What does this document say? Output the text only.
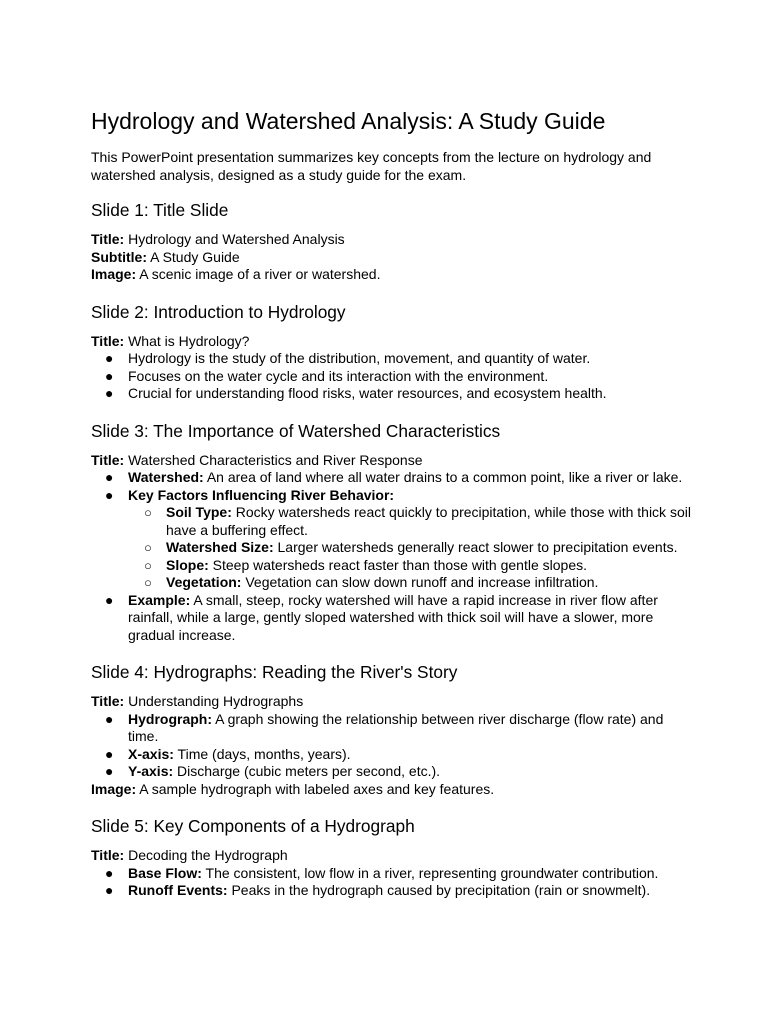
Hydrology and Watershed Analysis: A Study Guide

This PowerPoint presentation summarizes key concepts from the lecture on hydrology and watershed analysis, designed as a study guide for the exam.

Slide 1: Title Slide
Title: Hydrology and Watershed Analysis
Subtitle: A Study Guide
Image: A scenic image of a river or watershed.
Slide 2: Introduction to Hydrology
Title: What is Hydrology?
● Hydrology is the study of the distribution, movement, and quantity of water.
● Focuses on the water cycle and its interaction with the environment.
● Crucial for understanding flood risks, water resources, and ecosystem health.
Slide 3: The Importance of Watershed Characteristics
Title: Watershed Characteristics and River Response
● Watershed: An area of land where all water drains to a common point, like a river or lake.
● Key Factors Influencing River Behavior:
○ Soil Type: Rocky watersheds react quickly to precipitation, while those with thick soil have a buffering effect.
○ Watershed Size: Larger watersheds generally react slower to precipitation events.
○ Slope: Steep watersheds react faster than those with gentle slopes.
○ Vegetation: Vegetation can slow down runoff and increase infiltration.
● Example: A small, steep, rocky watershed will have a rapid increase in river flow after rainfall, while a large, gently sloped watershed with thick soil will have a slower, more gradual increase.
Slide 4: Hydrographs: Reading the River's Story
Title: Understanding Hydrographs
● Hydrograph: A graph showing the relationship between river discharge (flow rate) and time.
● X-axis: Time (days, months, years).
● Y-axis: Discharge (cubic meters per second, etc.).
Image: A sample hydrograph with labeled axes and key features.
Slide 5: Key Components of a Hydrograph
Title: Decoding the Hydrograph
● Base Flow: The consistent, low flow in a river, representing groundwater contribution.
● Runoff Events: Peaks in the hydrograph caused by precipitation (rain or snowmelt).
